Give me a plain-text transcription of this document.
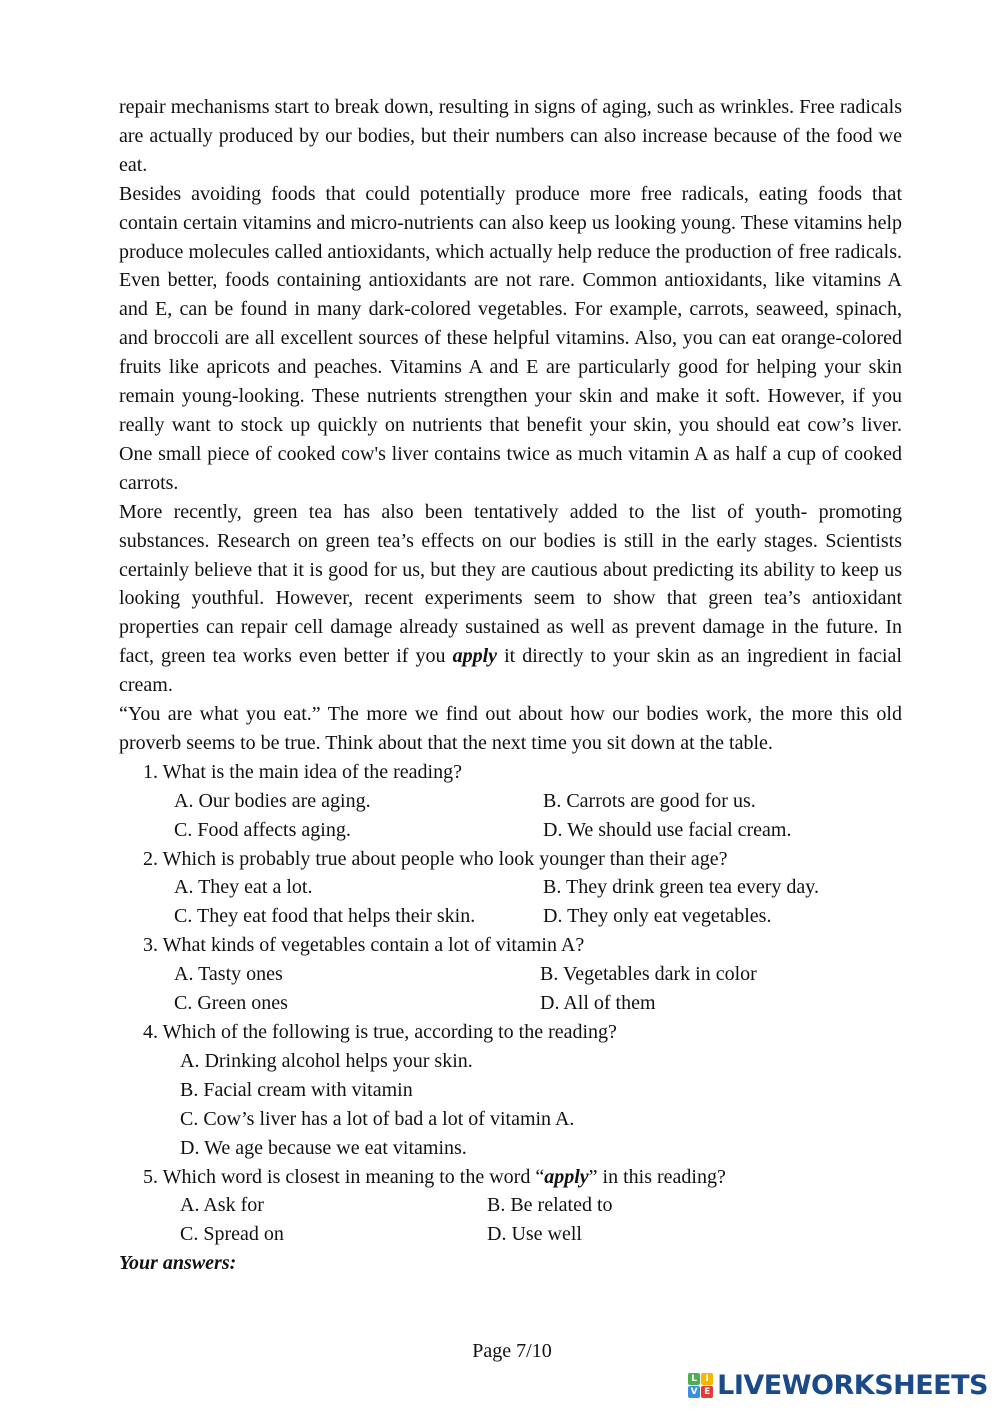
repair mechanisms start to break down, resulting in signs of aging, such as wrinkles. Free radicals are actually produced by our bodies, but their numbers can also increase because of the food we eat.

Besides avoiding foods that could potentially produce more free radicals, eating foods that contain certain vitamins and micro-nutrients can also keep us looking young. These vitamins help produce molecules called antioxidants, which actually help reduce the production of free radicals. Even better, foods containing antioxidants are not rare. Common antioxidants, like vitamins A and E, can be found in many dark-colored vegetables. For example, carrots, seaweed, spinach, and broccoli are all excellent sources of these helpful vitamins. Also, you can eat orange-colored fruits like apricots and peaches. Vitamins A and E are particularly good for helping your skin remain young-looking. These nutrients strengthen your skin and make it soft. However, if you really want to stock up quickly on nutrients that benefit your skin, you should eat cow’s liver. One small piece of cooked cow's liver contains twice as much vitamin A as half a cup of cooked carrots.

More recently, green tea has also been tentatively added to the list of youth- promoting substances. Research on green tea’s effects on our bodies is still in the early stages. Scientists certainly believe that it is good for us, but they are cautious about predicting its ability to keep us looking youthful. However, recent experiments seem to show that green tea’s antioxidant properties can repair cell damage already sustained as well as prevent damage in the future. In fact, green tea works even better if you apply it directly to your skin as an ingredient in facial cream.

“You are what you eat.” The more we find out about how our bodies work, the more this old proverb seems to be true. Think about that the next time you sit down at the table.

1. What is the main idea of the reading?

A. Our bodies are aging.	B. Carrots are good for us.
C. Food affects aging.	D. We should use facial cream.

2. Which is probably true about people who look younger than their age?

A. They eat a lot.	B. They drink green tea every day.
C. They eat food that helps their skin.	D. They only eat vegetables.

3. What kinds of vegetables contain a lot of vitamin A?

A. Tasty ones	B. Vegetables dark in color
C. Green ones	D. All of them

4. Which of the following is true, according to the reading?

A. Drinking alcohol helps your skin.
B. Facial cream with vitamin
C. Cow’s liver has a lot of bad a lot of vitamin A.
D. We age because we eat vitamins.

5. Which word is closest in meaning to the word “apply” in this reading?

A. Ask for	B. Be related to
C. Spread on	D. Use well

Your answers:

Page 7/10
L I
V E LIVEWORKSHEETS
